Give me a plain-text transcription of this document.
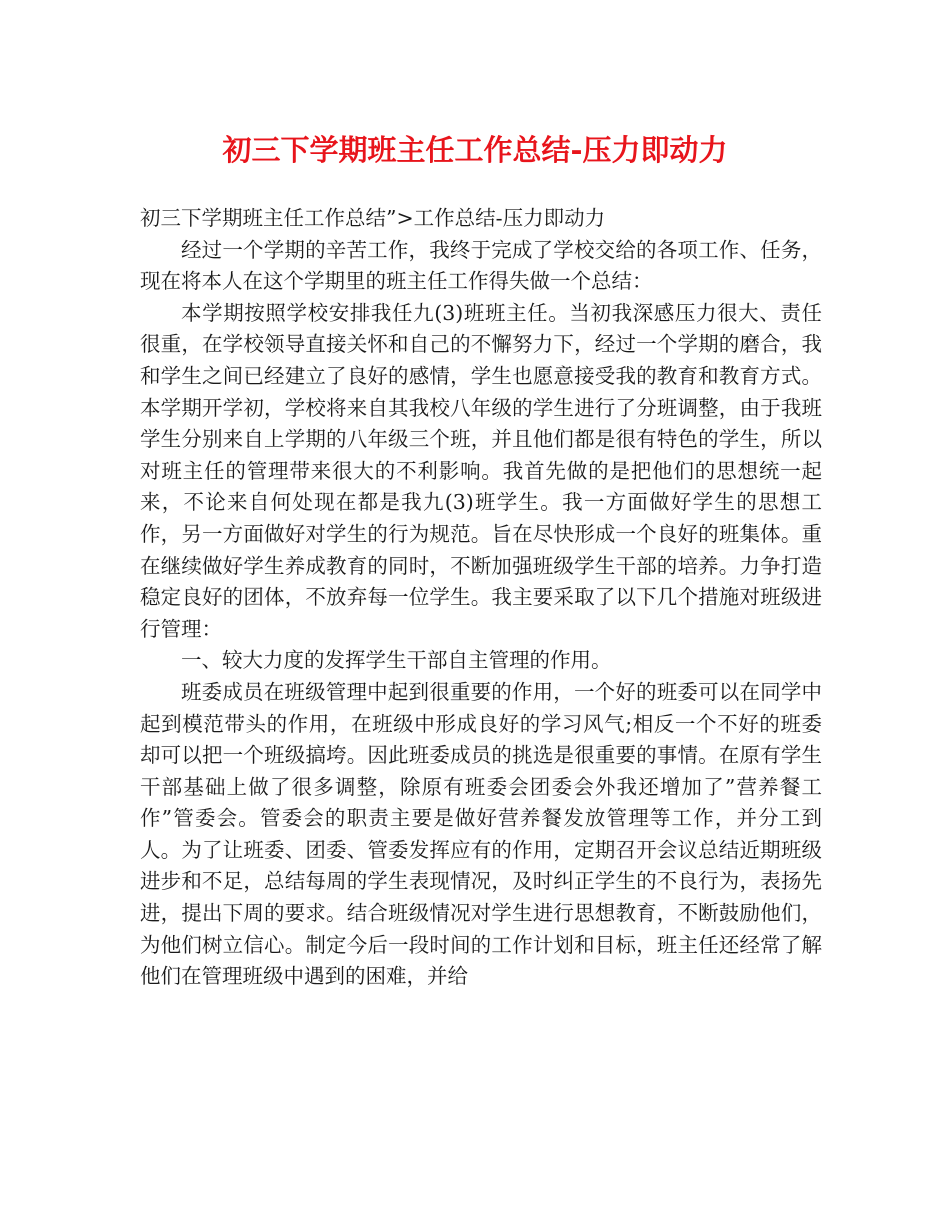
初三下学期班主任工作总结-压力即动力

初三下学期班主任工作总结”>工作总结-压力即动力

经过一个学期的辛苦工作，我终于完成了学校交给的各项工作、任务，现在将本人在这个学期里的班主任工作得失做一个总结：

本学期按照学校安排我任九(3)班班主任。当初我深感压力很大、责任很重，在学校领导直接关怀和自己的不懈努力下，经过一个学期的磨合，我和学生之间已经建立了良好的感情，学生也愿意接受我的教育和教育方式。本学期开学初，学校将来自其我校八年级的学生进行了分班调整，由于我班学生分别来自上学期的八年级三个班，并且他们都是很有特色的学生，所以对班主任的管理带来很大的不利影响。我首先做的是把他们的思想统一起来，不论来自何处现在都是我九(3)班学生。我一方面做好学生的思想工作，另一方面做好对学生的行为规范。旨在尽快形成一个良好的班集体。重在继续做好学生养成教育的同时，不断加强班级学生干部的培养。力争打造稳定良好的团体，不放弃每一位学生。我主要采取了以下几个措施对班级进行管理：

一、较大力度的发挥学生干部自主管理的作用。

班委成员在班级管理中起到很重要的作用，一个好的班委可以在同学中起到模范带头的作用，在班级中形成良好的学习风气;相反一个不好的班委却可以把一个班级搞垮。因此班委成员的挑选是很重要的事情。在原有学生干部基础上做了很多调整，除原有班委会团委会外我还增加了”营养餐工作”管委会。管委会的职责主要是做好营养餐发放管理等工作，并分工到人。为了让班委、团委、管委发挥应有的作用，定期召开会议总结近期班级进步和不足，总结每周的学生表现情况，及时纠正学生的不良行为，表扬先进，提出下周的要求。结合班级情况对学生进行思想教育，不断鼓励他们，为他们树立信心。制定今后一段时间的工作计划和目标，班主任还经常了解他们在管理班级中遇到的困难，并给
